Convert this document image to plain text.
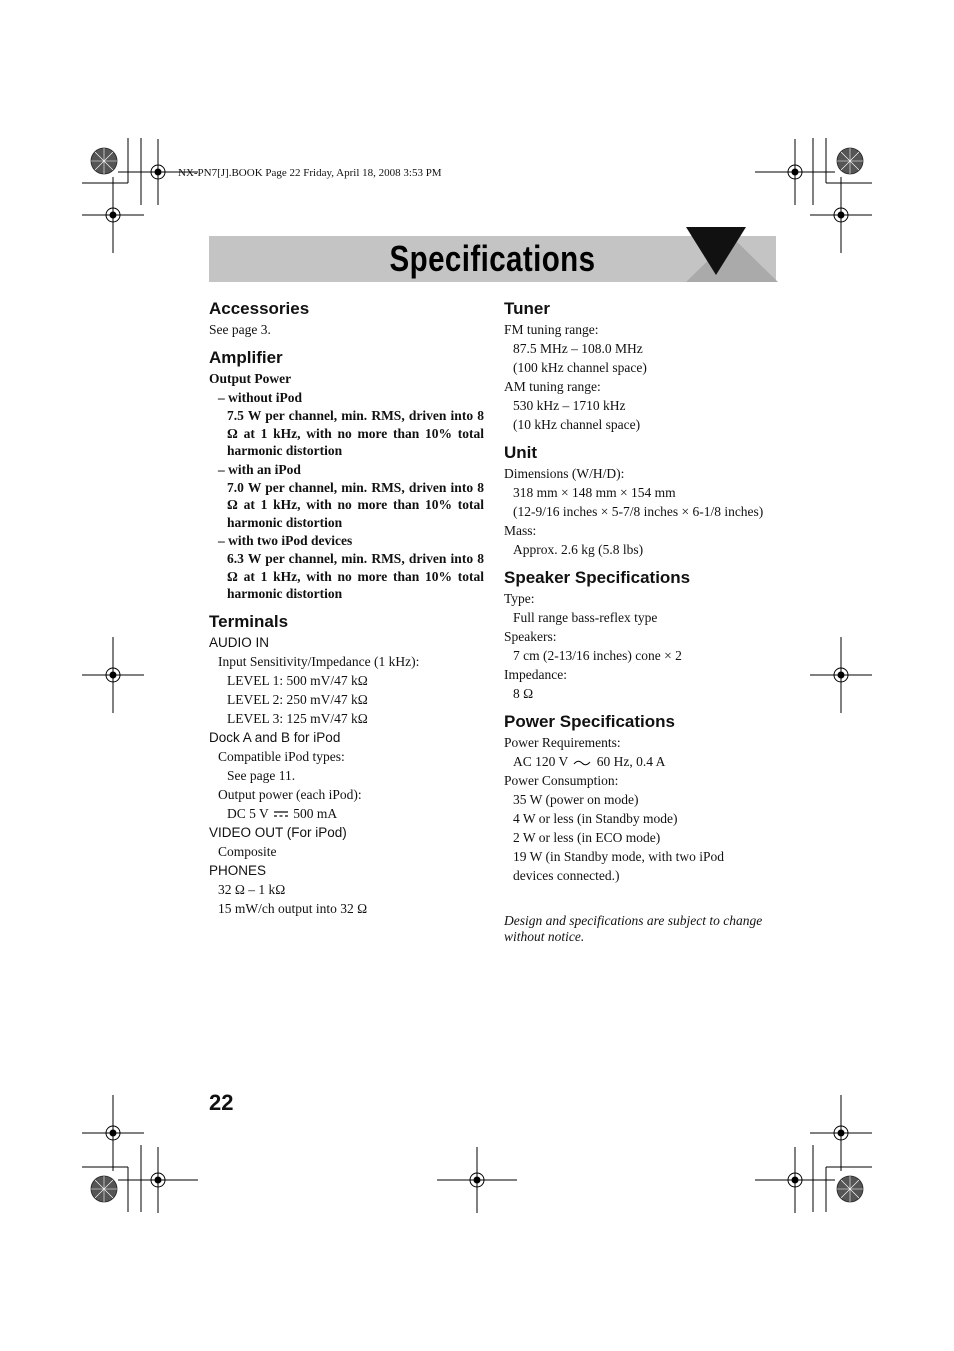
NX-PN7[J].BOOK Page 22 Friday, April 18, 2008 3:53 PM
Specifications
Accessories
See page 3.
Amplifier
Output Power
– without iPod
7.5 W per channel, min. RMS, driven into 8 Ω at 1 kHz, with no more than 10% total harmonic distortion
– with an iPod
7.0 W per channel, min. RMS, driven into 8 Ω at 1 kHz, with no more than 10% total harmonic distortion
– with two iPod devices
6.3 W per channel, min. RMS, driven into 8 Ω at 1 kHz, with no more than 10% total harmonic distortion
Terminals
AUDIO IN
Input Sensitivity/Impedance (1 kHz):
LEVEL 1: 500 mV/47 kΩ
LEVEL 2: 250 mV/47 kΩ
LEVEL 3: 125 mV/47 kΩ
Dock A and B for iPod
Compatible iPod types:
See page 11.
Output power (each iPod):
DC 5 V 500 mA
VIDEO OUT (For iPod)
Composite
PHONES
32 Ω – 1 kΩ
15 mW/ch output into 32 Ω
Tuner
FM tuning range:
87.5 MHz – 108.0 MHz
(100 kHz channel space)
AM tuning range:
530 kHz – 1710 kHz
(10 kHz channel space)
Unit
Dimensions (W/H/D):
318 mm × 148 mm × 154 mm
(12-9/16 inches × 5-7/8 inches × 6-1/8 inches)
Mass:
Approx. 2.6 kg (5.8 lbs)
Speaker Specifications
Type:
Full range bass-reflex type
Speakers:
7 cm (2-13/16 inches) cone × 2
Impedance:
8 Ω
Power Specifications
Power Requirements:
AC 120 V 60 Hz, 0.4 A
Power Consumption:
35 W (power on mode)
4 W or less (in Standby mode)
2 W or less (in ECO mode)
19 W (in Standby mode, with two iPod
devices connected.)
Design and specifications are subject to change without notice.
22
